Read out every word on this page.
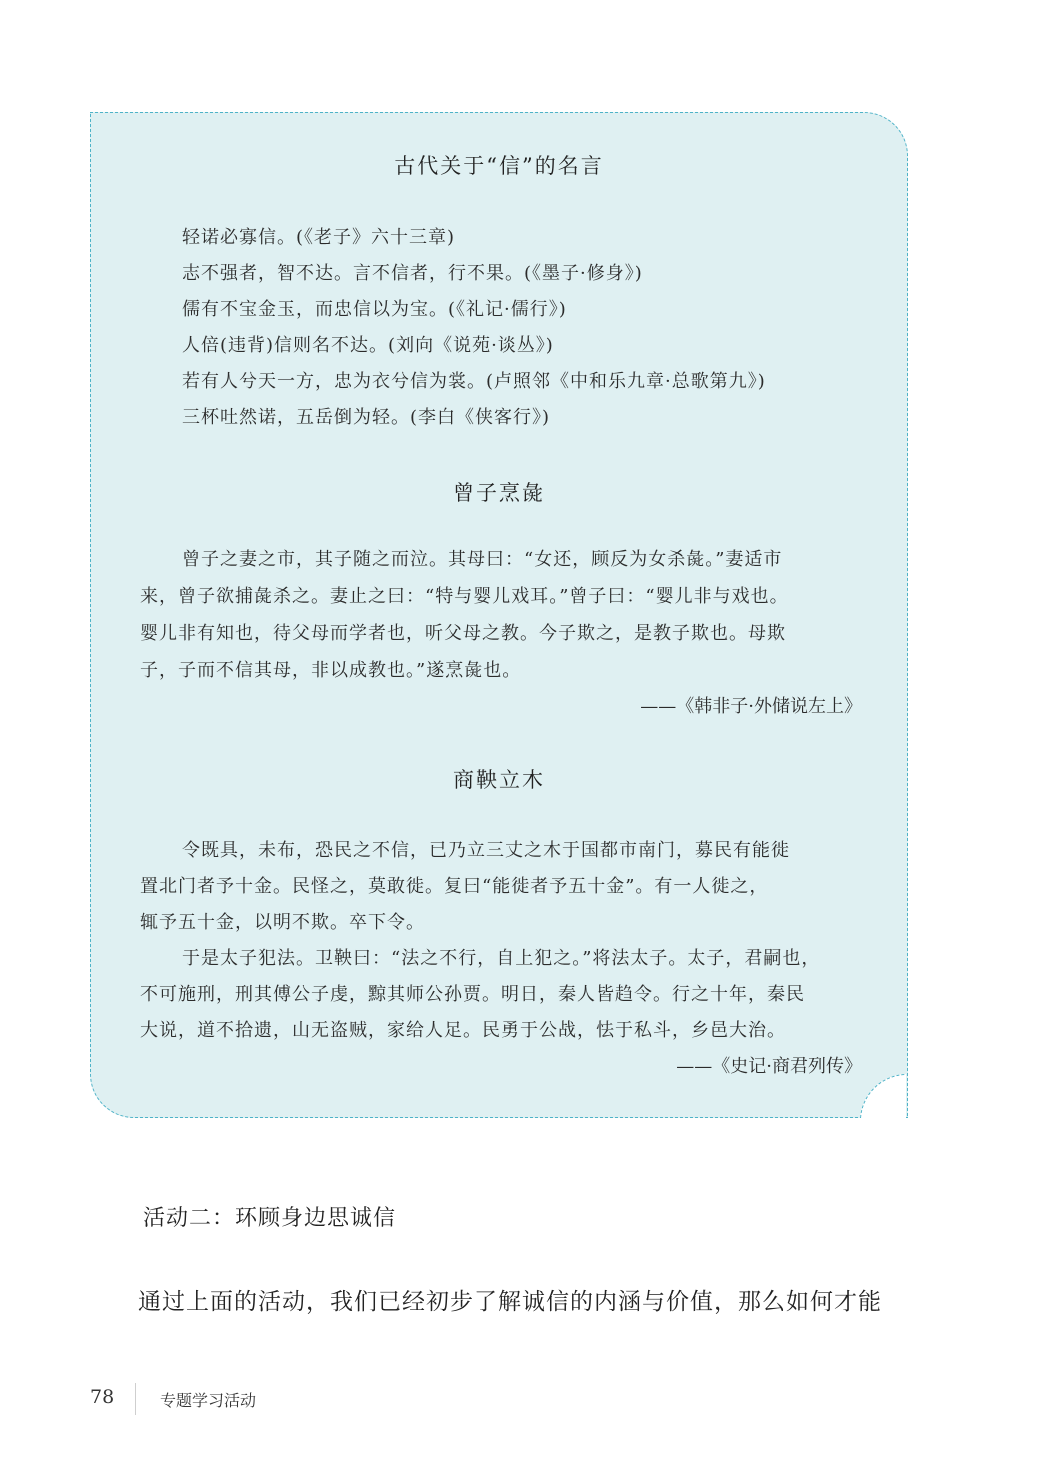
古代关于“信”的名言
轻诺必寡信。(《老子》六十三章)
志不强者，智不达。言不信者，行不果。(《墨子·修身》)
儒有不宝金玉，而忠信以为宝。(《礼记·儒行》)
人倍(违背)信则名不达。(刘向《说苑·谈丛》)
若有人兮天一方，忠为衣兮信为裳。(卢照邻《中和乐九章·总歌第九》)
三杯吐然诺，五岳倒为轻。(李白《侠客行》)
曾子烹彘
曾子之妻之市，其子随之而泣。其母曰：“女还，顾反为女杀彘。”妻适市
来，曾子欲捕彘杀之。妻止之曰：“特与婴儿戏耳。”曾子曰：“婴儿非与戏也。
婴儿非有知也，待父母而学者也，听父母之教。今子欺之，是教子欺也。母欺
子，子而不信其母，非以成教也。”遂烹彘也。
——《韩非子·外储说左上》
商鞅立木
令既具，未布，恐民之不信，已乃立三丈之木于国都市南门，募民有能徙
置北门者予十金。民怪之，莫敢徙。复曰“能徙者予五十金”。有一人徙之，
辄予五十金，以明不欺。卒下令。
于是太子犯法。卫鞅曰：“法之不行，自上犯之。”将法太子。太子，君嗣也，
不可施刑，刑其傅公子虔，黥其师公孙贾。明日，秦人皆趋令。行之十年，秦民
大说，道不拾遗，山无盗贼，家给人足。民勇于公战，怯于私斗，乡邑大治。
——《史记·商君列传》
活动二：环顾身边思诚信
通过上面的活动，我们已经初步了解诚信的内涵与价值，那么如何才能
78	专题学习活动
